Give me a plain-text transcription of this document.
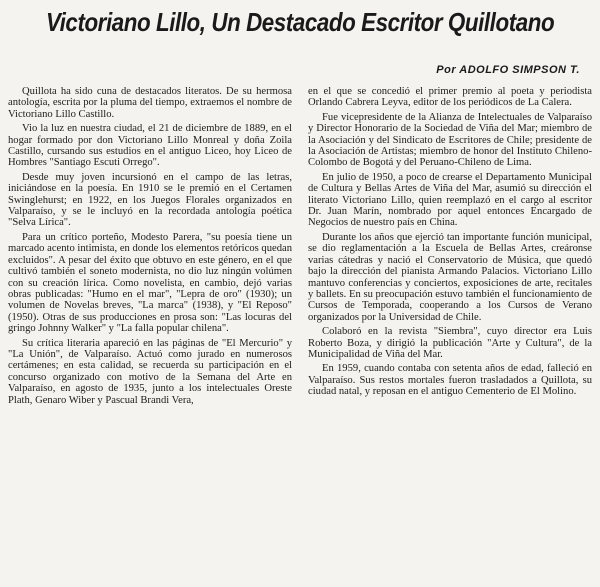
Victoriano Lillo, Un Destacado Escritor Quillotano
Por ADOLFO SIMPSON T.

Quillota ha sido cuna de destacados literatos. De su hermosa antología, escrita por la pluma del tiempo, extraemos el nombre de Victoriano Lillo Castillo.

Vio la luz en nuestra ciudad, el 21 de diciembre de 1889, en el hogar formado por don Victoriano Lillo Monreal y doña Zoila Castillo, cursando sus estudios en el antiguo Liceo, hoy Liceo de Hombres "Santiago Escuti Orrego".

Desde muy joven incursionó en el campo de las letras, iniciándose en la poesía. En 1910 se le premió en el Certamen Swinglehurst; en 1922, en los Juegos Florales organizados en Valparaíso, y se le incluyó en la recordada antología poética "Selva Lírica".

Para un crítico porteño, Modesto Parera, "su poesía tiene un marcado acento intimista, en donde los elementos retóricos quedan excluidos". A pesar del éxito que obtuvo en este género, en el que cultivó también el soneto modernista, no dio luz ningún volúmen con su creación lírica. Como novelista, en cambio, dejó varias obras publicadas: "Humo en el mar", "Lepra de oro" (1930); un volumen de Novelas breves, "La marca" (1938), y "El Reposo" (1950). Otras de sus producciones en prosa son: "Las locuras del gringo Johnny Walker" y "La falla popular chilena".

Su crítica literaria apareció en las páginas de "El Mercurio" y "La Unión", de Valparaíso. Actuó como jurado en numerosos certámenes; en esta calidad, se recuerda su participación en el concurso organizado con motivo de la Semana del Arte en Valparaíso, en agosto de 1935, junto a los intelectuales Oreste Plath, Genaro Wiber y Pascual Brandi Vera,

en el que se concedió el primer premio al poeta y periodista Orlando Cabrera Leyva, editor de los periódicos de La Calera.

Fue vicepresidente de la Alianza de Intelectuales de Valparaíso y Director Honorario de la Sociedad de Viña del Mar; miembro de la Asociación y del Sindicato de Escritores de Chile; presidente de la Asociación de Artistas; miembro de honor del Instituto Chileno-Colombo de Bogotá y del Peruano-Chileno de Lima.

En julio de 1950, a poco de crearse el Departamento Municipal de Cultura y Bellas Artes de Viña del Mar, asumió su dirección el literato Victoriano Lillo, quien reemplazó en el cargo al escritor Dr. Juan Marín, nombrado por aquel entonces Encargado de Negocios de nuestro país en China.

Durante los años que ejerció tan importante función municipal, se dio reglamentación a la Escuela de Bellas Artes, creáronse varias cátedras y nació el Conservatorio de Música, que quedó bajo la dirección del pianista Armando Palacios. Victoriano Lillo mantuvo conferencias y conciertos, exposiciones de arte, recitales y ballets. En su preocupación estuvo también el funcionamiento de Cursos de Temporada, cooperando a los Cursos de Verano organizados por la Universidad de Chile.

Colaboró en la revista "Siembra", cuyo director era Luis Roberto Boza, y dirigió la publicación "Arte y Cultura", de la Municipalidad de Viña del Mar.

En 1959, cuando contaba con setenta años de edad, falleció en Valparaíso. Sus restos mortales fueron trasladados a Quillota, su ciudad natal, y reposan en el antiguo Cementerio de El Molino.
